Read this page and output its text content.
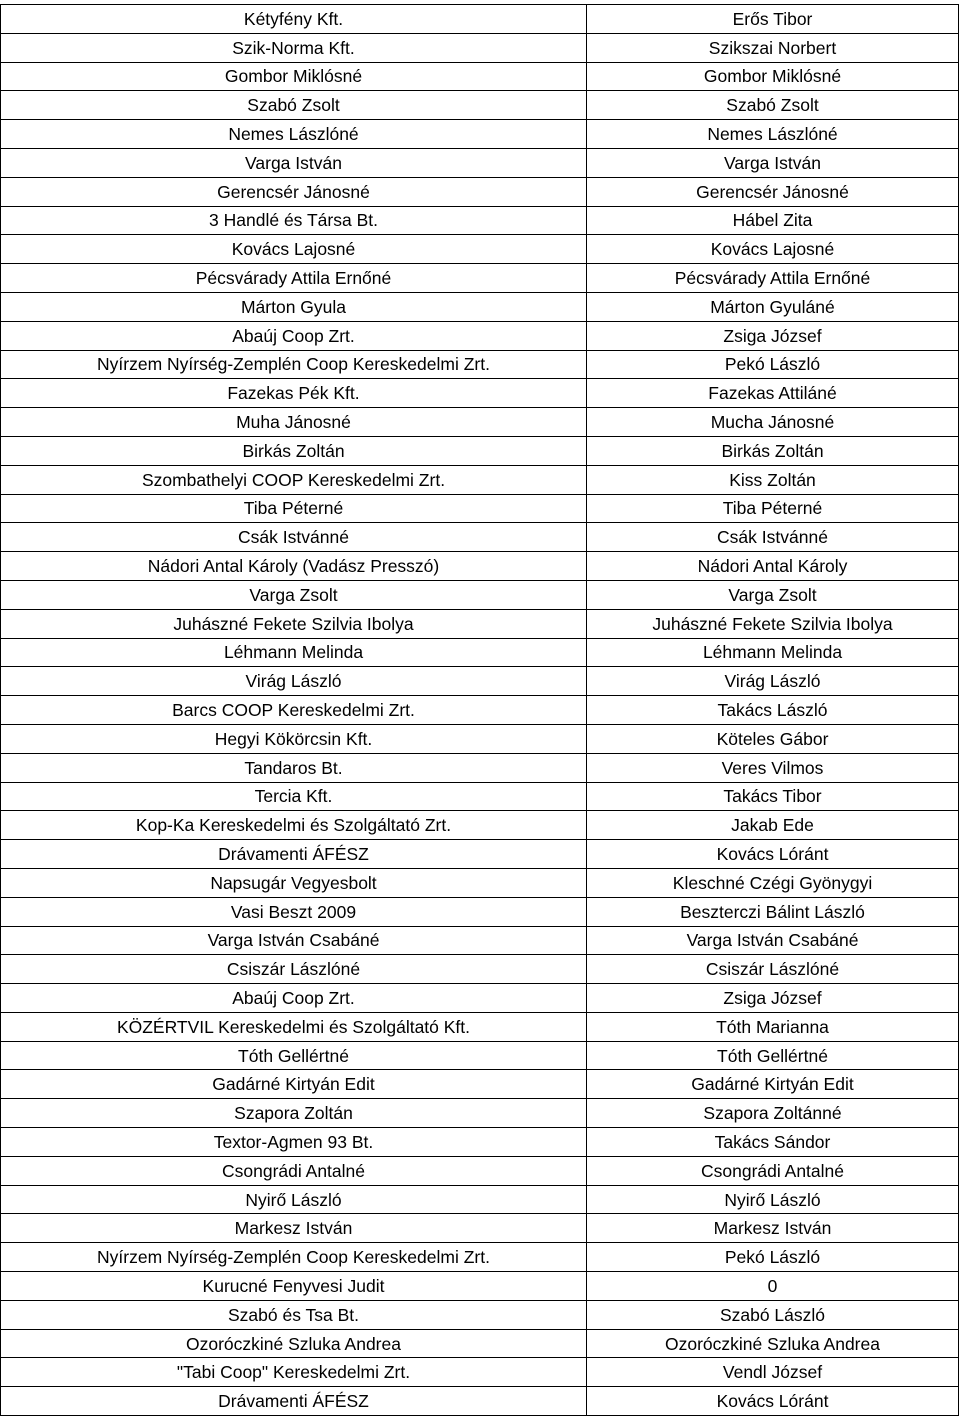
Kétyfény Kft.	Erős Tibor
Szik-Norma Kft.	Szikszai Norbert
Gombor Miklósné	Gombor Miklósné
Szabó Zsolt	Szabó Zsolt
Nemes Lászlóné	Nemes Lászlóné
Varga István	Varga István
Gerencsér Jánosné	Gerencsér Jánosné
3 Handlé és Társa Bt.	Hábel Zita
Kovács Lajosné	Kovács Lajosné
Pécsvárady Attila Ernőné	Pécsvárady Attila Ernőné
Márton Gyula	Márton Gyuláné
Abaúj Coop Zrt.	Zsiga József
Nyírzem Nyírség-Zemplén Coop Kereskedelmi Zrt.	Pekó László
Fazekas Pék Kft.	Fazekas Attiláné
Muha Jánosné	Mucha Jánosné
Birkás Zoltán	Birkás Zoltán
Szombathelyi COOP Kereskedelmi Zrt.	Kiss Zoltán
Tiba Péterné	Tiba Péterné
Csák Istvánné	Csák Istvánné
Nádori Antal Károly (Vadász Presszó)	Nádori Antal Károly
Varga Zsolt	Varga Zsolt
Juhászné Fekete Szilvia Ibolya	Juhászné Fekete Szilvia Ibolya
Léhmann Melinda	Léhmann Melinda
Virág László	Virág László
Barcs COOP Kereskedelmi Zrt.	Takács László
Hegyi Kökörcsin Kft.	Köteles Gábor
Tandaros Bt.	Veres Vilmos
Tercia Kft.	Takács Tibor
Kop-Ka Kereskedelmi és Szolgáltató Zrt.	Jakab Ede
Drávamenti ÁFÉSZ	Kovács Lóránt
Napsugár Vegyesbolt	Kleschné Czégi Gyönygyi
Vasi Beszt 2009	Beszterczi Bálint László
Varga István Csabáné	Varga István Csabáné
Csiszár Lászlóné	Csiszár Lászlóné
Abaúj Coop Zrt.	Zsiga József
KÖZÉRTVIL Kereskedelmi és Szolgáltató Kft.	Tóth Marianna
Tóth Gellértné	Tóth Gellértné
Gadárné Kirtyán Edit	Gadárné Kirtyán Edit
Szapora Zoltán	Szapora Zoltánné
Textor-Agmen 93 Bt.	Takács Sándor
Csongrádi Antalné	Csongrádi Antalné
Nyirő László	Nyirő László
Markesz István	Markesz István
Nyírzem Nyírség-Zemplén Coop Kereskedelmi Zrt.	Pekó László
Kurucné Fenyvesi Judit	0
Szabó és Tsa Bt.	Szabó László
Ozoróczkiné Szluka Andrea	Ozoróczkiné Szluka Andrea
"Tabi Coop" Kereskedelmi Zrt.	Vendl József
Drávamenti ÁFÉSZ	Kovács Lóránt
